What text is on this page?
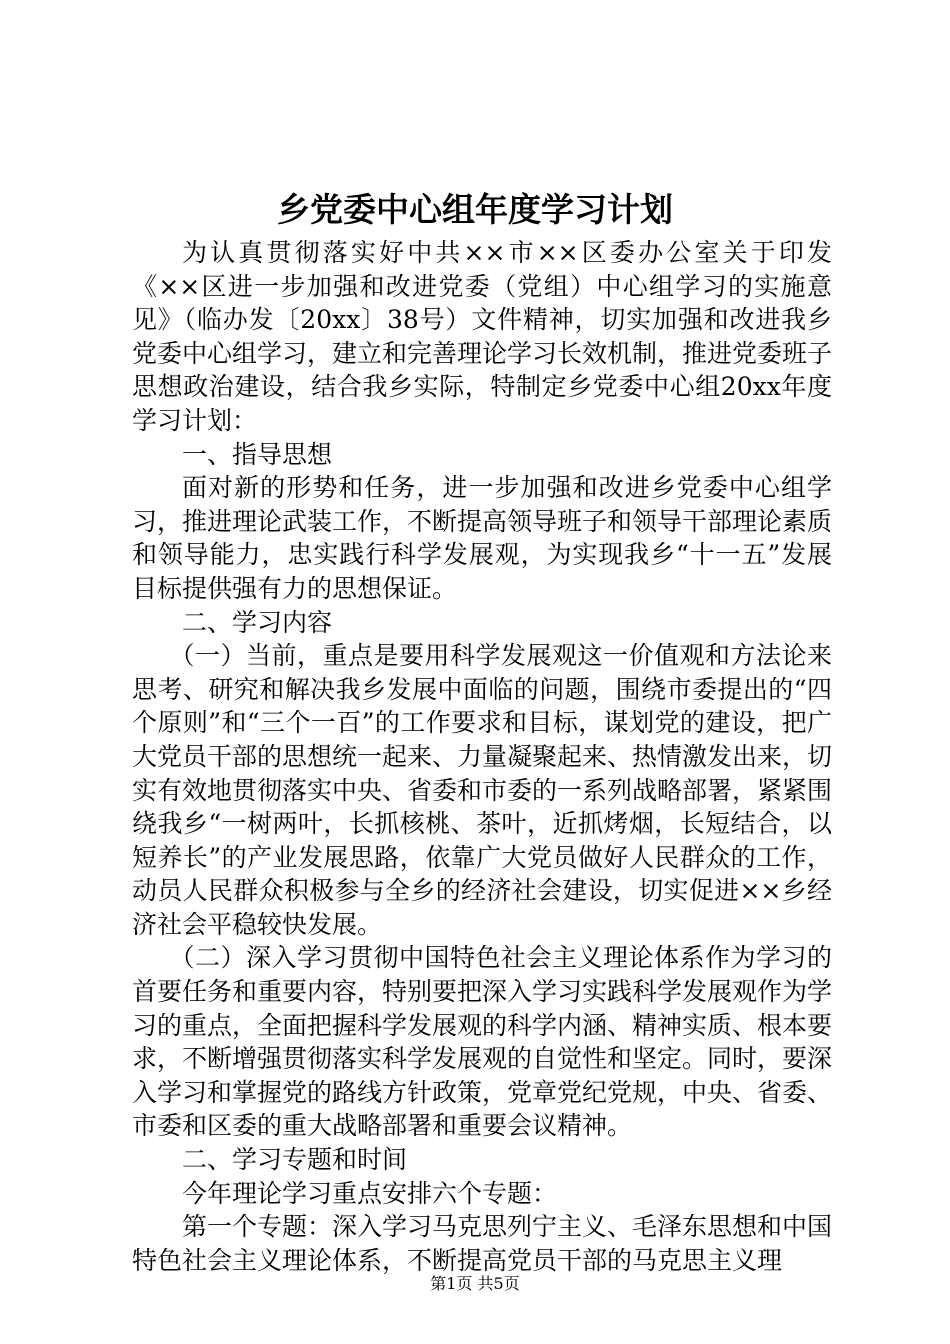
乡党委中心组年度学习计划

为认真贯彻落实好中共××市××区委办公室关于印发《××区进一步加强和改进党委（党组）中心组学习的实施意见》（临办发〔20xx〕38号）文件精神，切实加强和改进我乡党委中心组学习，建立和完善理论学习长效机制，推进党委班子思想政治建设，结合我乡实际，特制定乡党委中心组20xx年度学习计划：

一、指导思想

面对新的形势和任务，进一步加强和改进乡党委中心组学习，推进理论武装工作，不断提高领导班子和领导干部理论素质和领导能力，忠实践行科学发展观，为实现我乡“十一五”发展目标提供强有力的思想保证。

二、学习内容

（一）当前，重点是要用科学发展观这一价值观和方法论来思考、研究和解决我乡发展中面临的问题，围绕市委提出的“四个原则”和“三个一百”的工作要求和目标，谋划党的建设，把广大党员干部的思想统一起来、力量凝聚起来、热情激发出来，切实有效地贯彻落实中央、省委和市委的一系列战略部署，紧紧围绕我乡“一树两叶，长抓核桃、茶叶，近抓烤烟，长短结合，以短养长”的产业发展思路，依靠广大党员做好人民群众的工作，动员人民群众积极参与全乡的经济社会建设，切实促进××乡经济社会平稳较快发展。

（二）深入学习贯彻中国特色社会主义理论体系作为学习的首要任务和重要内容，特别要把深入学习实践科学发展观作为学习的重点，全面把握科学发展观的科学内涵、精神实质、根本要求，不断增强贯彻落实科学发展观的自觉性和坚定。同时，要深入学习和掌握党的路线方针政策，党章党纪党规，中央、省委、市委和区委的重大战略部署和重要会议精神。

二、学习专题和时间

今年理论学习重点安排六个专题：

第一个专题：深入学习马克思列宁主义、毛泽东思想和中国特色社会主义理论体系，不断提高党员干部的马克思主义理

第1页 共5页
